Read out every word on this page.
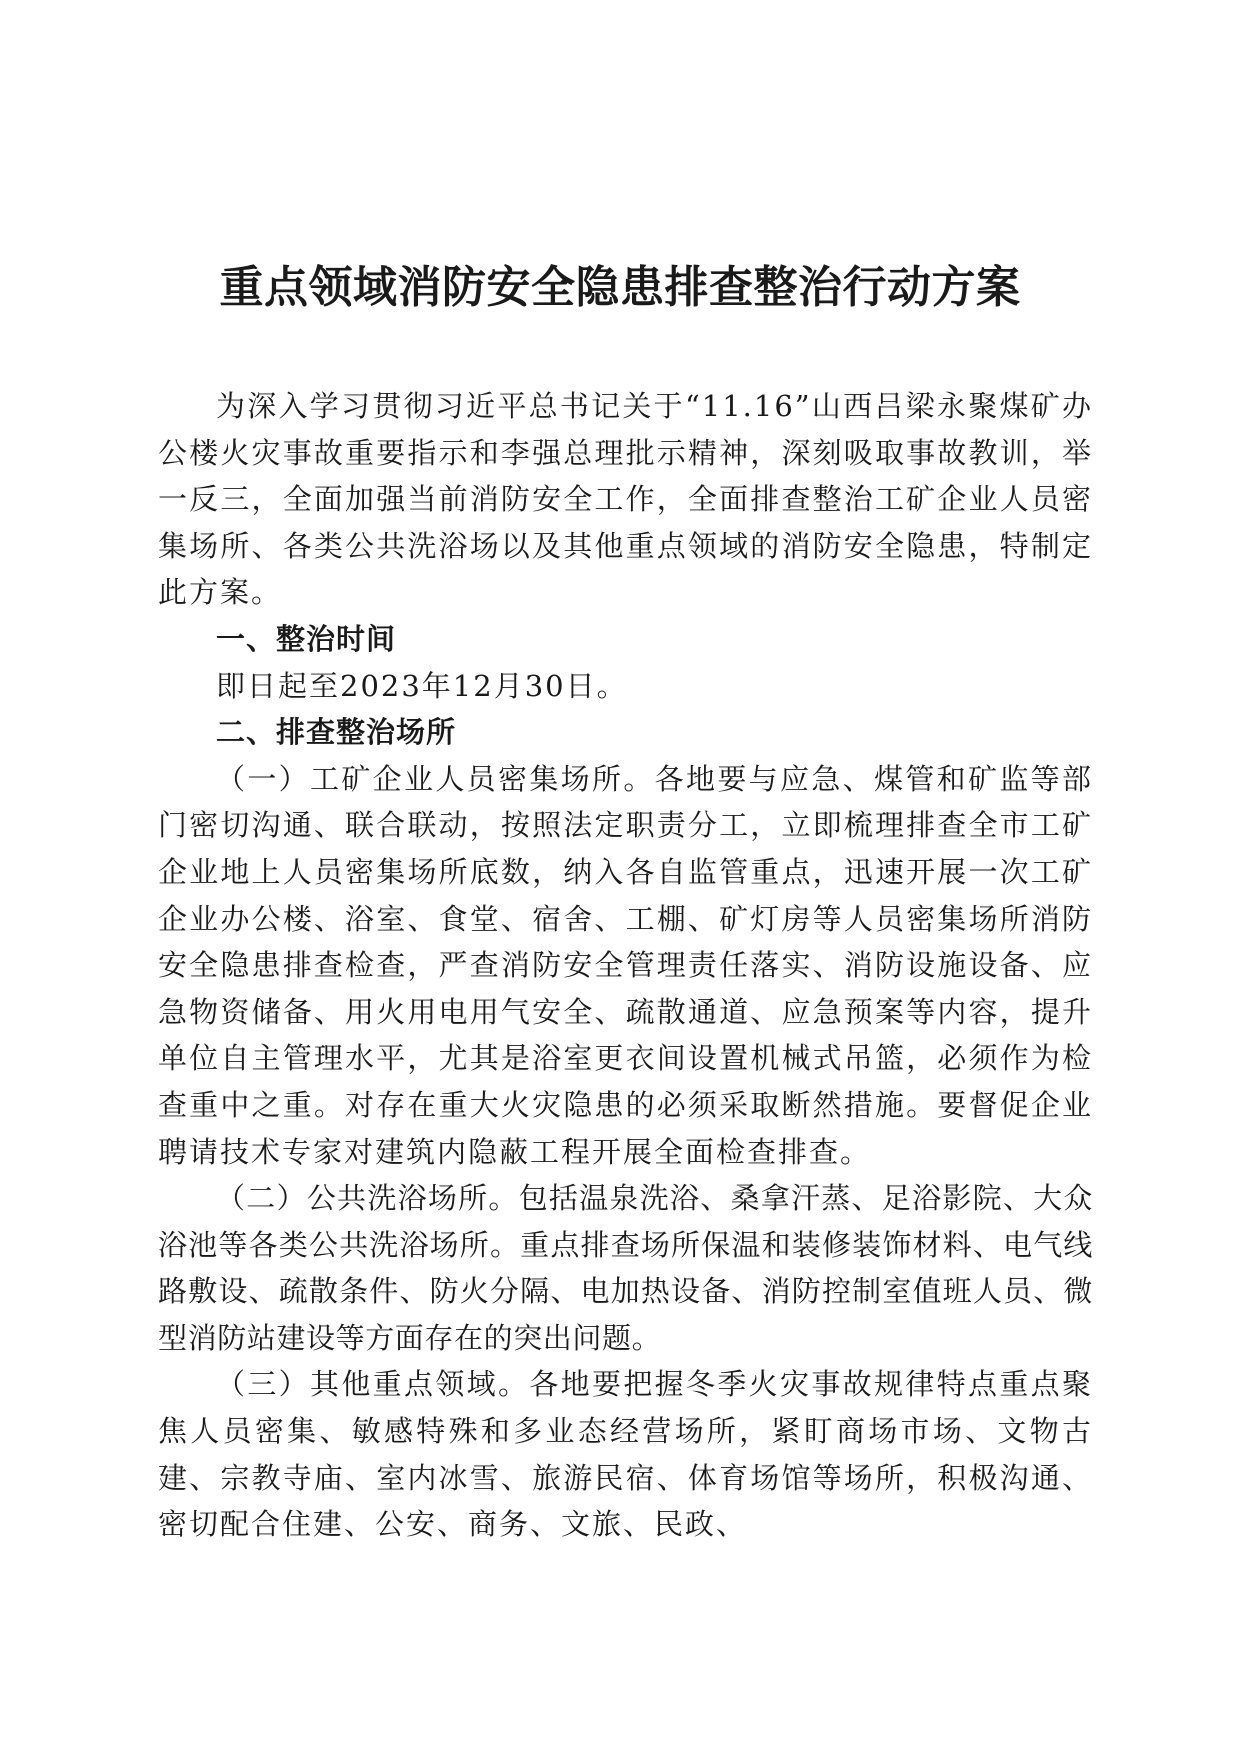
重点领域消防安全隐患排查整治行动方案

为深入学习贯彻习近平总书记关于“11.16”山西吕梁永聚煤矿办公楼火灾事故重要指示和李强总理批示精神，深刻吸取事故教训，举一反三，全面加强当前消防安全工作，全面排查整治工矿企业人员密集场所、各类公共洗浴场以及其他重点领域的消防安全隐患，特制定此方案。

一、整治时间

即日起至2023年12月30日。

二、排查整治场所

（一）工矿企业人员密集场所。各地要与应急、煤管和矿监等部门密切沟通、联合联动，按照法定职责分工，立即梳理排查全市工矿企业地上人员密集场所底数，纳入各自监管重点，迅速开展一次工矿企业办公楼、浴室、食堂、宿舍、工棚、矿灯房等人员密集场所消防安全隐患排查检查，严查消防安全管理责任落实、消防设施设备、应急物资储备、用火用电用气安全、疏散通道、应急预案等内容，提升单位自主管理水平，尤其是浴室更衣间设置机械式吊篮，必须作为检查重中之重。对存在重大火灾隐患的必须采取断然措施。要督促企业聘请技术专家对建筑内隐蔽工程开展全面检查排查。

（二）公共洗浴场所。包括温泉洗浴、桑拿汗蒸、足浴影院、大众浴池等各类公共洗浴场所。重点排查场所保温和装修装饰材料、电气线路敷设、疏散条件、防火分隔、电加热设备、消防控制室值班人员、微型消防站建设等方面存在的突出问题。

（三）其他重点领域。各地要把握冬季火灾事故规律特点重点聚焦人员密集、敏感特殊和多业态经营场所，紧盯商场市场、文物古建、宗教寺庙、室内冰雪、旅游民宿、体育场馆等场所，积极沟通、密切配合住建、公安、商务、文旅、民政、
